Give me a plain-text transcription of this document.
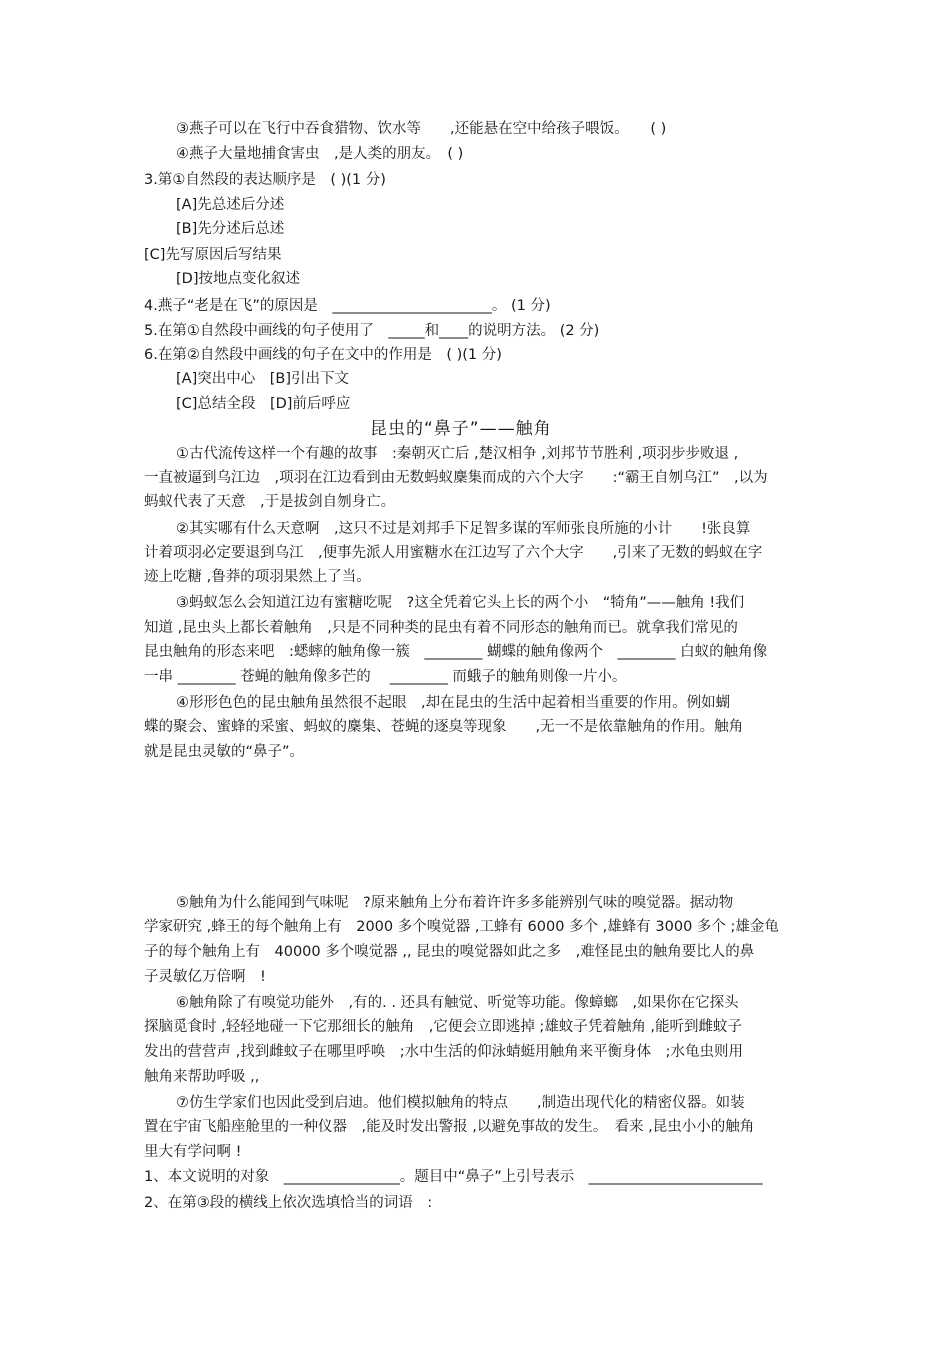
③燕子可以在飞行中吞食猎物、饮水等　　,还能悬在空中给孩子喂饭。　　( )
④燕子大量地捕食害虫　,是人类的朋友。　( )
3.第①自然段的表达顺序是　( )(1 分)
[A]先总述后分述
[B]先分述后总述
[C]先写原因后写结果
[D]按地点变化叙述
4.燕子“老是在飞”的原因是　______________________。 (1 分)
5.在第①自然段中画线的句子使用了　_____和____的说明方法。 (2 分)
6.在第②自然段中画线的句子在文中的作用是　( )(1 分)
[A]突出中心　[B]引出下文
[C]总结全段　[D]前后呼应
昆虫的“鼻子”——触角
①古代流传这样一个有趣的故事　:秦朝灭亡后 ,楚汉相争 ,刘邦节节胜利 ,项羽步步败退 ,
一直被逼到乌江边　,项羽在江边看到由无数蚂蚁麇集而成的六个大字　　:“霸王自刎乌江”　,以为
蚂蚁代表了天意　,于是拔剑自刎身亡。
②其实哪有什么天意啊　,这只不过是刘邦手下足智多谋的军师张良所施的小计　　!张良算
计着项羽必定要退到乌江　,便事先派人用蜜糖水在江边写了六个大字　　,引来了无数的蚂蚁在字
迹上吃糖 ,鲁莽的项羽果然上了当。
③蚂蚁怎么会知道江边有蜜糖吃呢　?这全凭着它头上长的两个小　“犄角”——触角 !我们
知道 ,昆虫头上都长着触角　,只是不同种类的昆虫有着不同形态的触角而已。就拿我们常见的
昆虫触角的形态来吧　:蟋蟀的触角像一簇　________ 蝴蝶的触角像两个　________ 白蚁的触角像
一串 ________ 苍蝇的触角像多芒的　 ________ 而蛾子的触角则像一片小。
④形形色色的昆虫触角虽然很不起眼　,却在昆虫的生活中起着相当重要的作用。例如蝴
蝶的聚会、蜜蜂的采蜜、蚂蚁的麇集、苍蝇的逐臭等现象　　,无一不是依靠触角的作用。触角
就是昆虫灵敏的“鼻子”。
⑤触角为什么能闻到气味呢　?原来触角上分布着许许多多能辨别气味的嗅觉器。据动物
学家研究 ,蜂王的每个触角上有　2000 多个嗅觉器 ,工蜂有 6000 多个 ,雄蜂有 3000 多个 ;雄金龟
子的每个触角上有　40000 多个嗅觉器 ,, 昆虫的嗅觉器如此之多　,难怪昆虫的触角要比人的鼻
子灵敏亿万倍啊　!
⑥触角除了有嗅觉功能外　,有的. . 还具有触觉、听觉等功能。像蟑螂　,如果你在它探头
探脑觅食时 ,轻轻地碰一下它那细长的触角　,它便会立即逃掉 ;雄蚊子凭着触角 ,能听到雌蚊子
发出的营营声 ,找到雌蚊子在哪里呼唤　;水中生活的仰泳蜻蜓用触角来平衡身体　;水龟虫则用
触角来帮助呼吸 ,,
⑦仿生学家们也因此受到启迪。他们模拟触角的特点　　,制造出现代化的精密仪器。如装
置在宇宙飞船座舱里的一种仪器　,能及时发出警报 ,以避免事故的发生。　看来 ,昆虫小小的触角
里大有学问啊 !
1、本文说明的对象　________________。题目中“鼻子”上引号表示　________________________
2、在第③段的横线上依次选填恰当的词语　:
